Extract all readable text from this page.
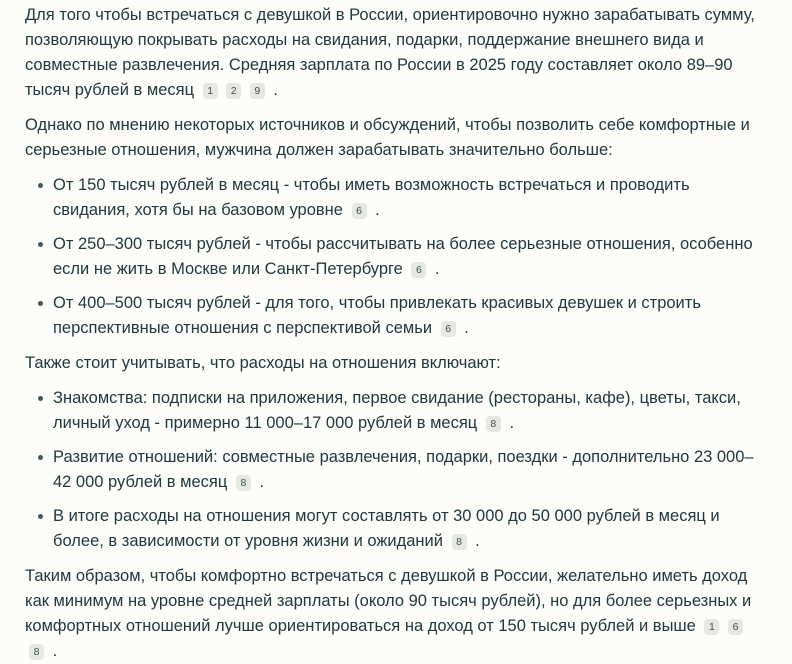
Для того чтобы встречаться с девушкой в России, ориентировочно нужно зарабатывать сумму, позволяющую покрывать расходы на свидания, подарки, поддержание внешнего вида и совместные развлечения. Средняя зарплата по России в 2025 году составляет около 89–90 тысяч рублей в месяц 1 2 9 .

Однако по мнению некоторых источников и обсуждений, чтобы позволить себе комфортные и серьезные отношения, мужчина должен зарабатывать значительно больше:

От 150 тысяч рублей в месяц - чтобы иметь возможность встречаться и проводить свидания, хотя бы на базовом уровне 6 .
От 250–300 тысяч рублей - чтобы рассчитывать на более серьезные отношения, особенно если не жить в Москве или Санкт-Петербурге 6 .
От 400–500 тысяч рублей - для того, чтобы привлекать красивых девушек и строить перспективные отношения с перспективой семьи 6 .

Также стоит учитывать, что расходы на отношения включают:

Знакомства: подписки на приложения, первое свидание (рестораны, кафе), цветы, такси, личный уход - примерно 11 000–17 000 рублей в месяц 8 .
Развитие отношений: совместные развлечения, подарки, поездки - дополнительно 23 000–42 000 рублей в месяц 8 .
В итоге расходы на отношения могут составлять от 30 000 до 50 000 рублей в месяц и более, в зависимости от уровня жизни и ожиданий 8 .

Таким образом, чтобы комфортно встречаться с девушкой в России, желательно иметь доход как минимум на уровне средней зарплаты (около 90 тысяч рублей), но для более серьезных и комфортных отношений лучше ориентироваться на доход от 150 тысяч рублей и выше 1 6 8 .
